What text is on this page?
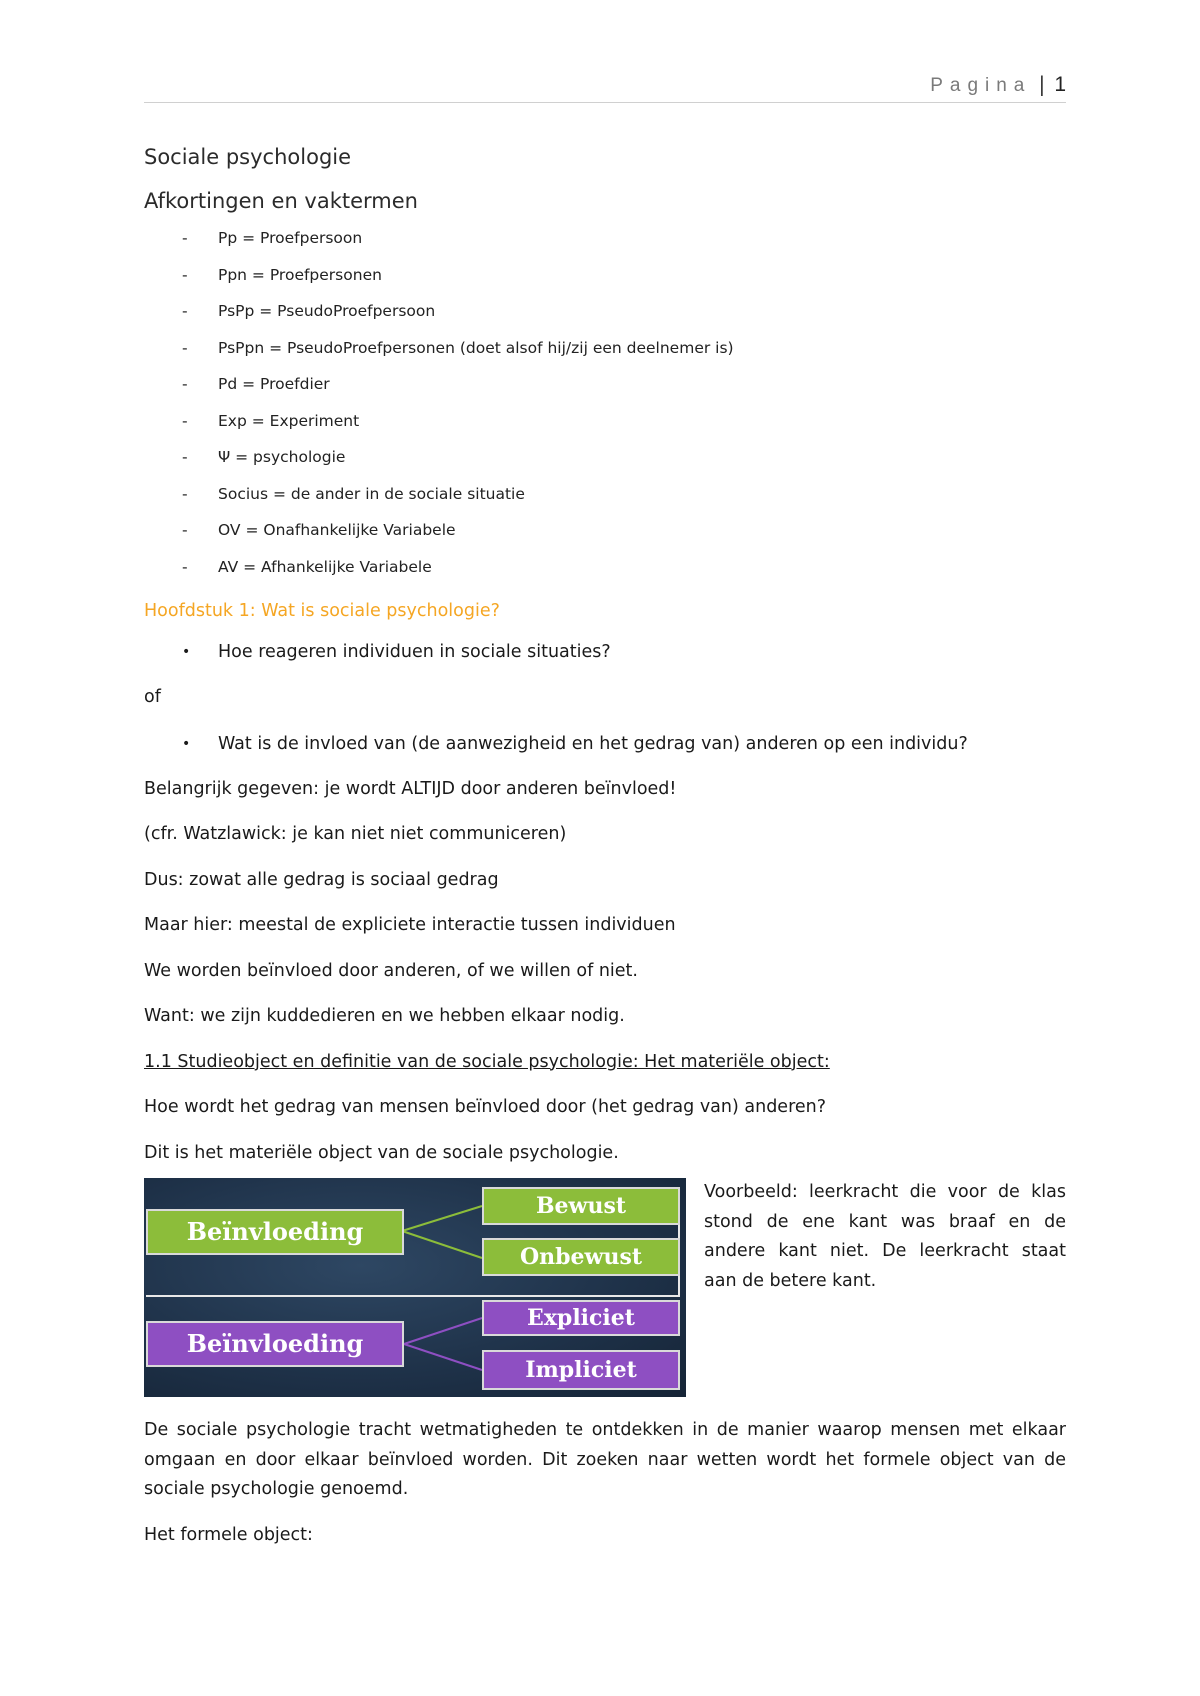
Pagina | 1
Sociale psychologie
Afkortingen en vaktermen
- Pp = Proefpersoon
- Ppn = Proefpersonen
- PsPp = PseudoProefpersoon
- PsPpn = PseudoProefpersonen (doet alsof hij/zij een deelnemer is)
- Pd = Proefdier
- Exp = Experiment
- Ψ = psychologie
- Socius = de ander in de sociale situatie
- OV = Onafhankelijke Variabele
- AV = Afhankelijke Variabele
Hoofdstuk 1: Wat is sociale psychologie?
• Hoe reageren individuen in sociale situaties?

of

• Wat is de invloed van (de aanwezigheid en het gedrag van) anderen op een individu?

Belangrijk gegeven: je wordt ALTIJD door anderen beïnvloed!

(cfr. Watzlawick: je kan niet niet communiceren)

Dus: zowat alle gedrag is sociaal gedrag

Maar hier: meestal de expliciete interactie tussen individuen

We worden beïnvloed door anderen, of we willen of niet.

Want: we zijn kuddedieren en we hebben elkaar nodig.

1.1 Studieobject en definitie van de sociale psychologie: Het materiële object:

Hoe wordt het gedrag van mensen beïnvloed door (het gedrag van) anderen?

Dit is het materiële object van de sociale psychologie.

Beïnvloeding
Bewust
Onbewust
Beïnvloeding
Expliciet
Impliciet
Voorbeeld: leerkracht die voor de klas stond de ene kant was braaf en de andere kant niet. De leerkracht staat aan de betere kant.

De sociale psychologie tracht wetmatigheden te ontdekken in de manier waarop mensen met elkaar omgaan en door elkaar beïnvloed worden. Dit zoeken naar wetten wordt het formele object van de sociale psychologie genoemd.

Het formele object:
